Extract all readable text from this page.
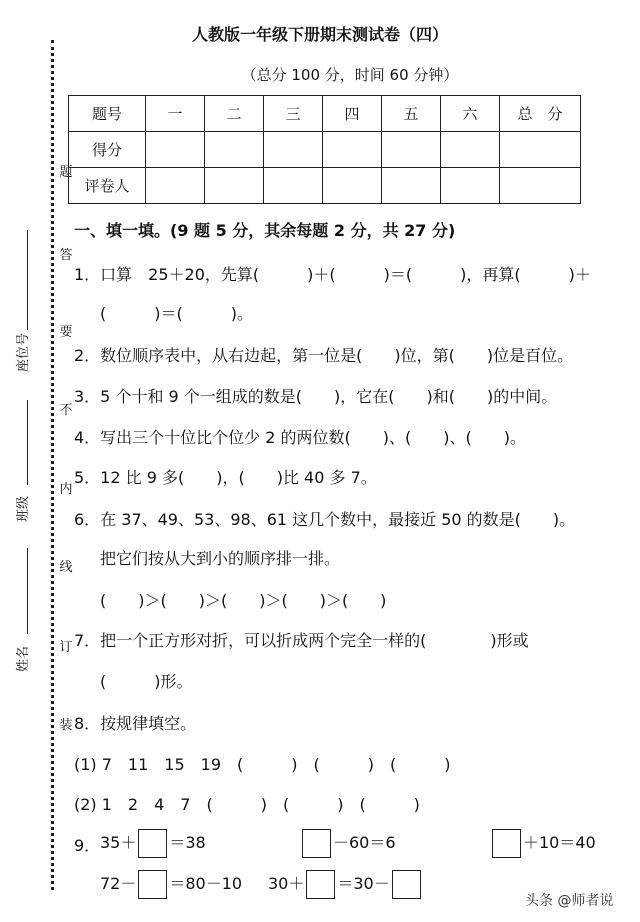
题
答
要
不
内
线
订
装
座位号
班级
姓名
人教版一年级下册期末测试卷（四）
（总分 100 分，时间 60 分钟）
题号	一	二	三	四	五	六	总　分
得分							
评卷人							
一、填一填。(9 题 5 分，其余每题 2 分，共 27 分)
1．口算　25＋20，先算(　　　)＋(　　　)＝(　　　)，再算(　　　)＋
(　　　)＝(　　　)。
2．数位顺序表中，从右边起，第一位是(　　)位，第(　　)位是百位。
3．5 个十和 9 个一组成的数是(　　)，它在(　　)和(　　)的中间。
4．写出三个十位比个位少 2 的两位数(　　)、(　　)、(　　)。
5．12 比 9 多(　　)，(　　)比 40 多 7。
6．在 37、49、53、98、61 这几个数中，最接近 50 的数是(　　)。
把它们按从大到小的顺序排一排。
(　　)＞(　　)＞(　　)＞(　　)＞(　　)
7．把一个正方形对折，可以折成两个完全一样的(　　　　)形或
(　　　)形。
8．按规律填空。
(1) 7　11　15　19　(　　　)　(　　　)　(　　　)
(2) 1　2　4　7　(　　　)　(　　　)　(　　　)
9． 35＋ ＝38	－60＝6	＋10＝40
72－ ＝80－10 30＋ ＝30－
头条 @师者说
